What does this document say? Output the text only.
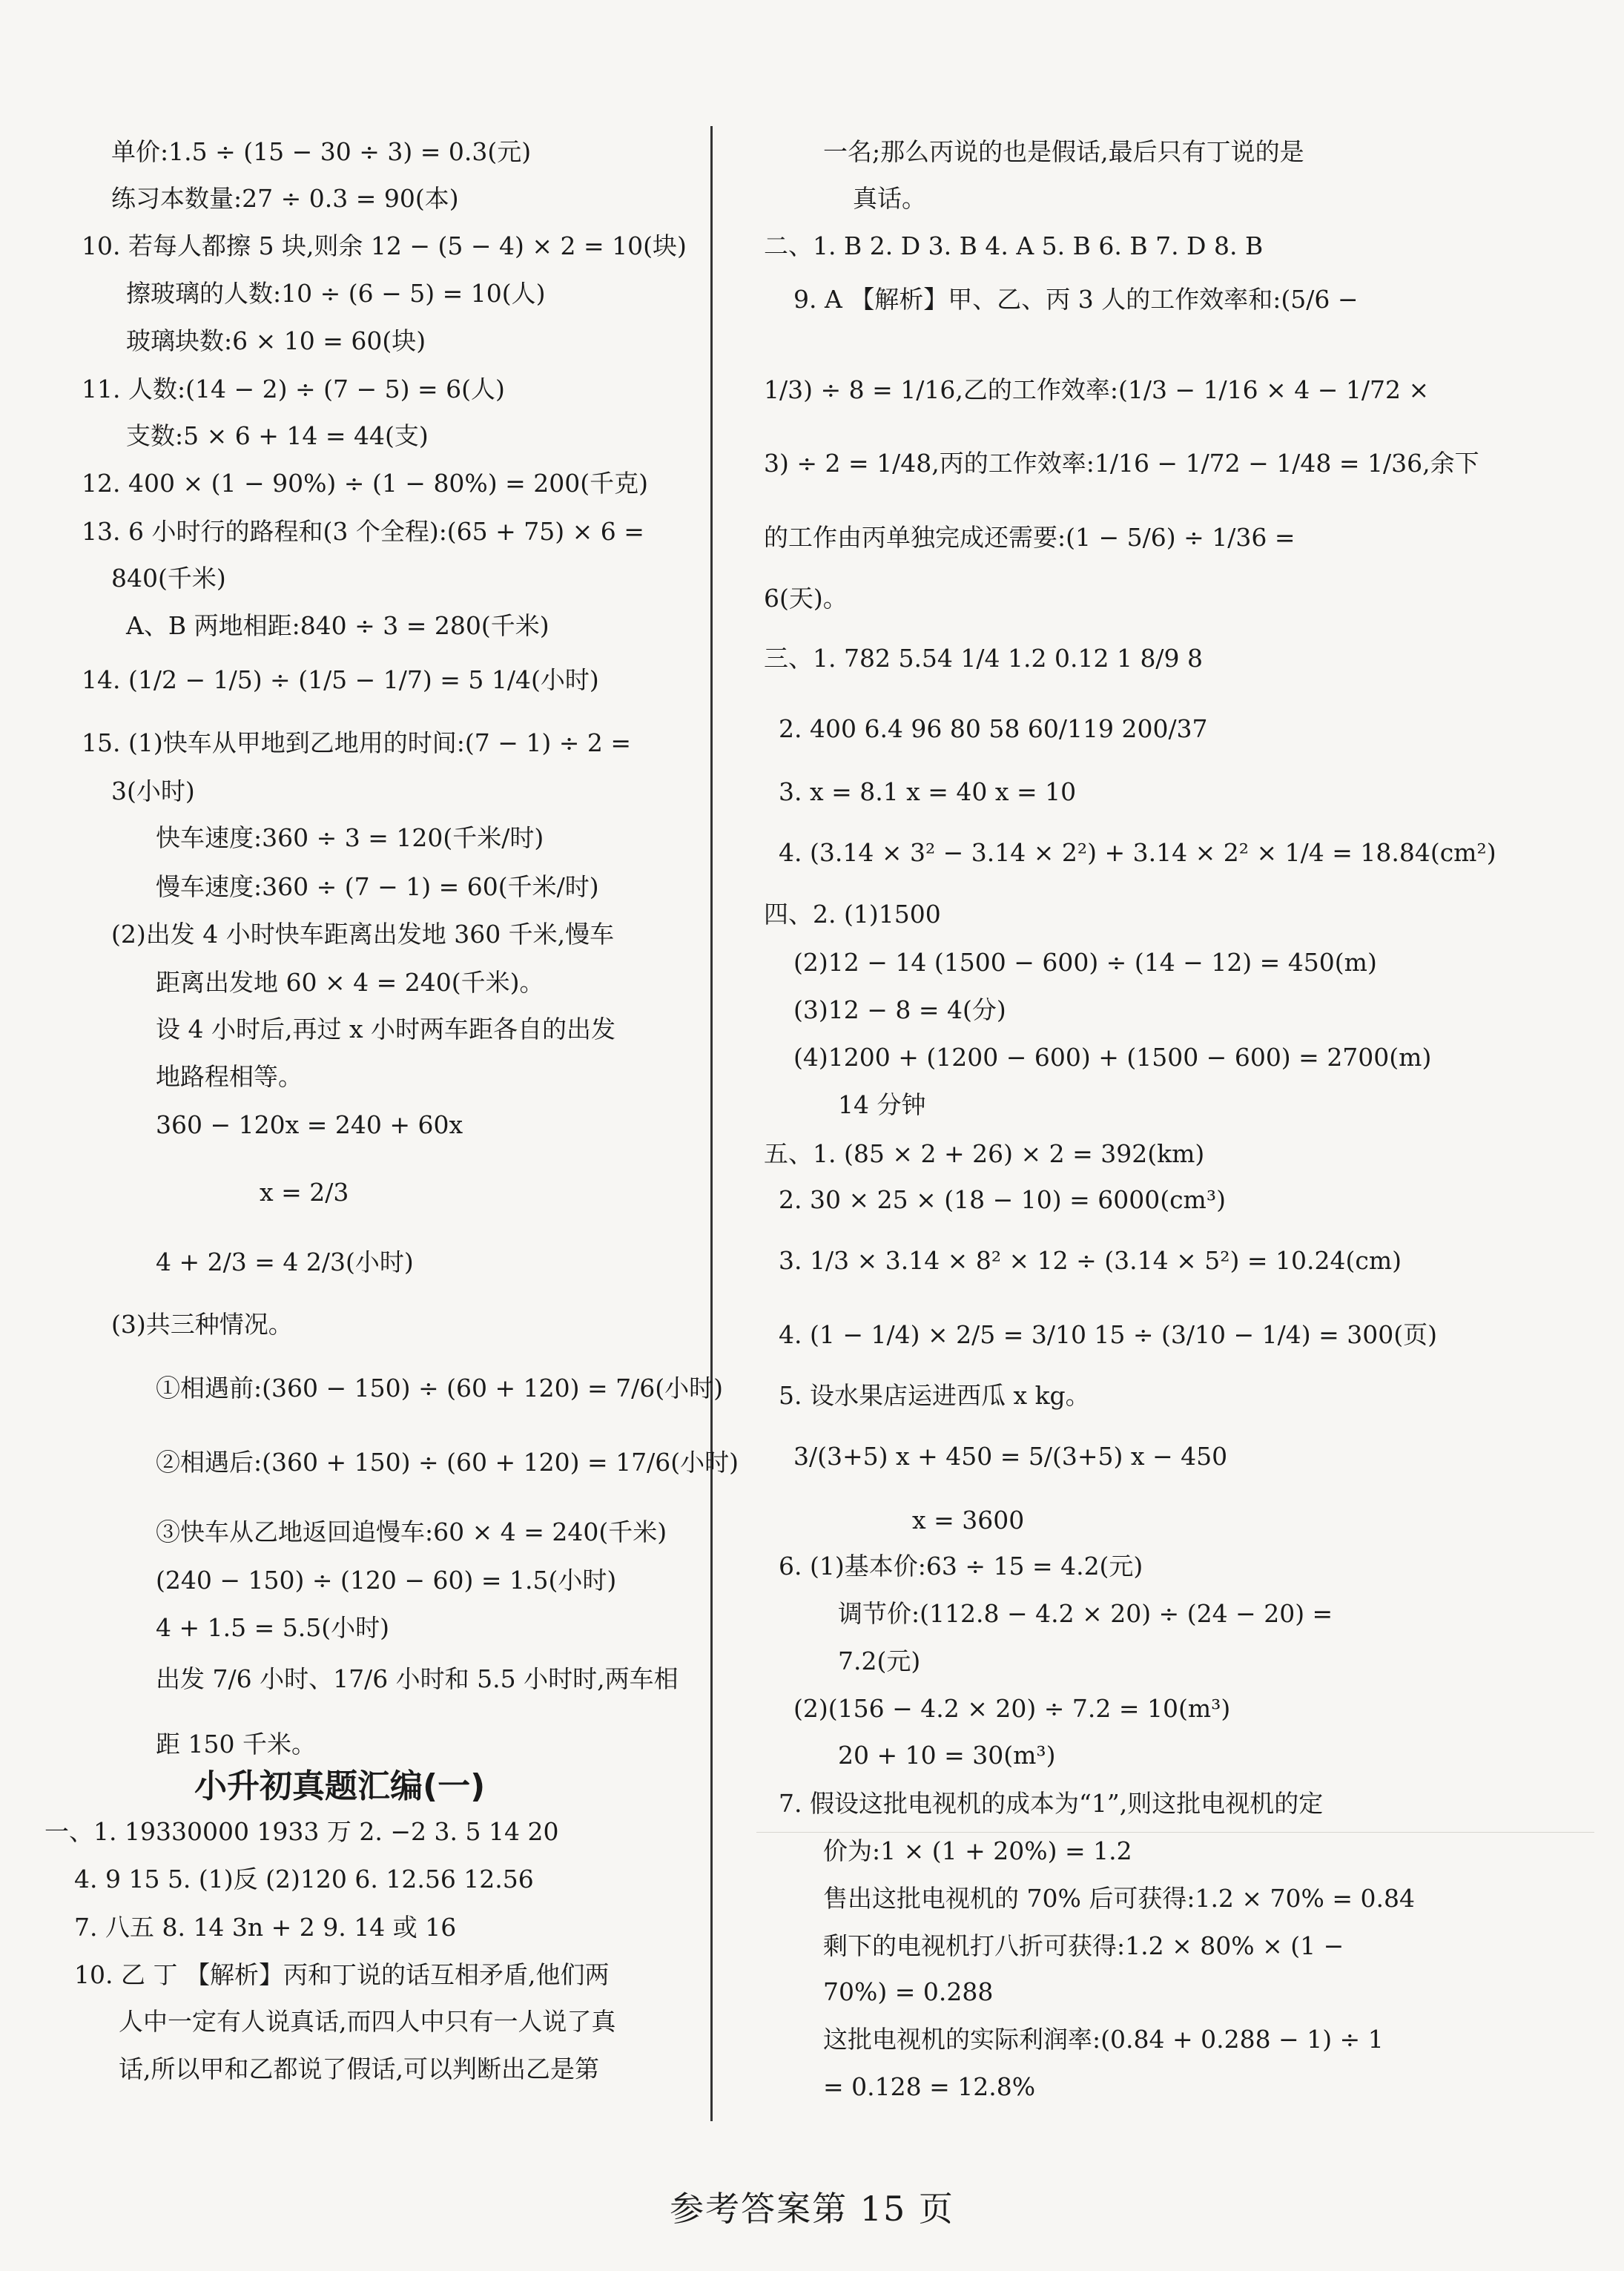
单价:1.5 ÷ (15 − 30 ÷ 3) = 0.3(元)
练习本数量:27 ÷ 0.3 = 90(本)
10. 若每人都擦 5 块,则余 12 − (5 − 4) × 2 = 10(块)
擦玻璃的人数:10 ÷ (6 − 5) = 10(人)
玻璃块数:6 × 10 = 60(块)
11. 人数:(14 − 2) ÷ (7 − 5) = 6(人)
支数:5 × 6 + 14 = 44(支)
12. 400 × (1 − 90%) ÷ (1 − 80%) = 200(千克)
13. 6 小时行的路程和(3 个全程):(65 + 75) × 6 =
840(千米)
A、B 两地相距:840 ÷ 3 = 280(千米)
14. (1/2 − 1/5) ÷ (1/5 − 1/7) = 5 1/4(小时)
15. (1)快车从甲地到乙地用的时间:(7 − 1) ÷ 2 =
3(小时)
快车速度:360 ÷ 3 = 120(千米/时)
慢车速度:360 ÷ (7 − 1) = 60(千米/时)
(2)出发 4 小时快车距离出发地 360 千米,慢车
距离出发地 60 × 4 = 240(千米)。
设 4 小时后,再过 x 小时两车距各自的出发
地路程相等。
360 − 120x = 240 + 60x
x = 2/3
4 + 2/3 = 4 2/3(小时)
(3)共三种情况。
①相遇前:(360 − 150) ÷ (60 + 120) = 7/6(小时)
②相遇后:(360 + 150) ÷ (60 + 120) = 17/6(小时)
③快车从乙地返回追慢车:60 × 4 = 240(千米)
(240 − 150) ÷ (120 − 60) = 1.5(小时)
4 + 1.5 = 5.5(小时)
出发 7/6 小时、17/6 小时和 5.5 小时时,两车相
距 150 千米。
一、1. 19330000 1933 万 2. −2 3. 5 14 20
4. 9 15 5. (1)反 (2)120 6. 12.56 12.56
7. 八五 8. 14 3n + 2 9. 14 或 16
10. 乙 丁 【解析】丙和丁说的话互相矛盾,他们两
人中一定有人说真话,而四人中只有一人说了真
话,所以甲和乙都说了假话,可以判断出乙是第
一名;那么丙说的也是假话,最后只有丁说的是
真话。
二、1. B 2. D 3. B 4. A 5. B 6. B 7. D 8. B
9. A 【解析】甲、乙、丙 3 人的工作效率和:(5/6 −
1/3) ÷ 8 = 1/16,乙的工作效率:(1/3 − 1/16 × 4 − 1/72 ×
3) ÷ 2 = 1/48,丙的工作效率:1/16 − 1/72 − 1/48 = 1/36,余下
的工作由丙单独完成还需要:(1 − 5/6) ÷ 1/36 =
6(天)。
三、1. 782 5.54 1/4 1.2 0.12 1 8/9 8
2. 400 6.4 96 80 58 60/119 200/37
3. x = 8.1 x = 40 x = 10
4. (3.14 × 3² − 3.14 × 2²) + 3.14 × 2² × 1/4 = 18.84(cm²)
四、2. (1)1500
(2)12 − 14 (1500 − 600) ÷ (14 − 12) = 450(m)
(3)12 − 8 = 4(分)
(4)1200 + (1200 − 600) + (1500 − 600) = 2700(m)
14 分钟
五、1. (85 × 2 + 26) × 2 = 392(km)
2. 30 × 25 × (18 − 10) = 6000(cm³)
3. 1/3 × 3.14 × 8² × 12 ÷ (3.14 × 5²) = 10.24(cm)
4. (1 − 1/4) × 2/5 = 3/10 15 ÷ (3/10 − 1/4) = 300(页)
5. 设水果店运进西瓜 x kg。
3/(3+5) x + 450 = 5/(3+5) x − 450
x = 3600
6. (1)基本价:63 ÷ 15 = 4.2(元)
调节价:(112.8 − 4.2 × 20) ÷ (24 − 20) =
7.2(元)
(2)(156 − 4.2 × 20) ÷ 7.2 = 10(m³)
20 + 10 = 30(m³)
7. 假设这批电视机的成本为“1”,则这批电视机的定
价为:1 × (1 + 20%) = 1.2
售出这批电视机的 70% 后可获得:1.2 × 70% = 0.84
剩下的电视机打八折可获得:1.2 × 80% × (1 −
70%) = 0.288
这批电视机的实际利润率:(0.84 + 0.288 − 1) ÷ 1
= 0.128 = 12.8%
小升初真题汇编(一)
参考答案第 15 页
